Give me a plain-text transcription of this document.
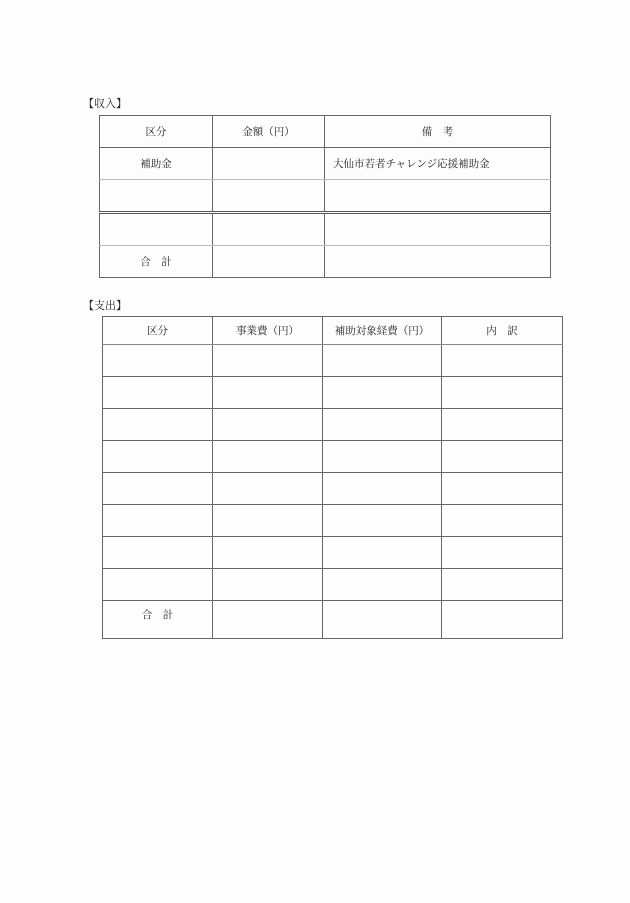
【収入】
区分	金額（円）	備　考
補助金		大仙市若者チャレンジ応援補助金

合　計		
【支出】
区分	事業費（円）	補助対象経費（円）	内　訳

合　計			
